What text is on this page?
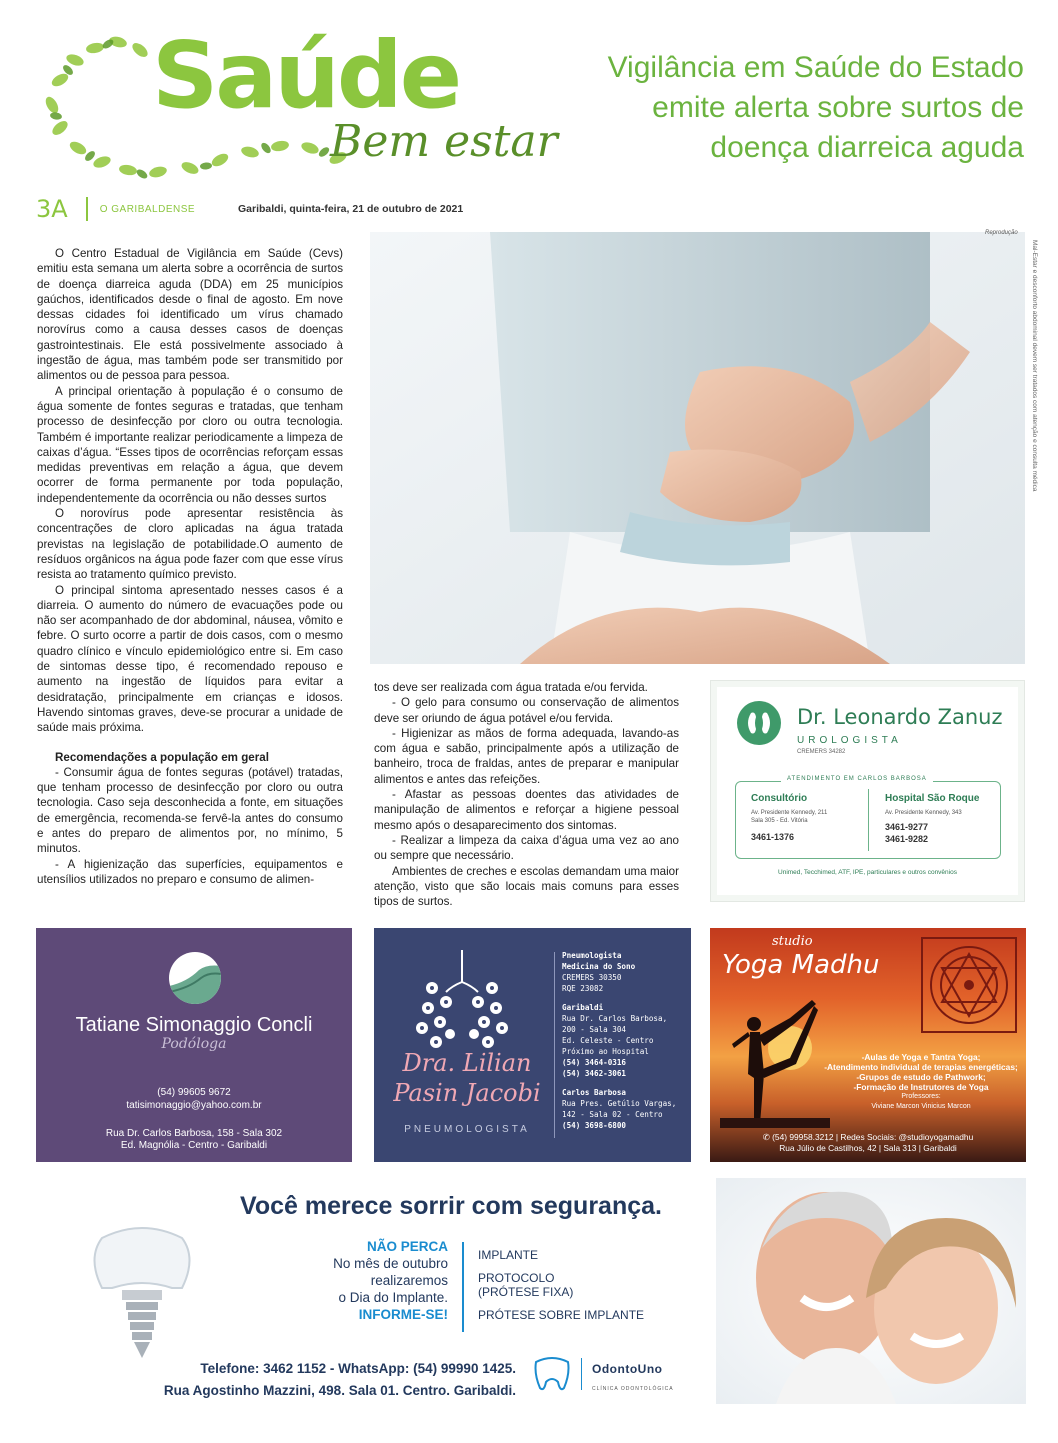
Saúde
Bem estar
Vigilância em Saúde do Estado emite alerta sobre surtos de doença diarreica aguda
3A	O GARIBALDENSE	Garibaldi, quinta-feira, 21 de outubro de 2021
Reprodução
Mal-Estar e desconforto abdominal devem ser tratados com atenção e consulta médica

O Centro Estadual de Vigilância em Saúde (Cevs) emitiu esta semana um alerta sobre a ocorrência de surtos de doença diarreica aguda (DDA) em 25 municípios gaúchos, identificados desde o final de agosto. Em nove dessas cidades foi identificado um vírus chamado norovírus como a causa desses casos de doenças gastrointestinais. Ele está possivelmente associado à ingestão de água, mas também pode ser transmitido por alimentos ou de pessoa para pessoa.

A principal orientação à população é o consumo de água somente de fontes seguras e tratadas, que tenham processo de desinfecção por cloro ou outra tecnologia. Também é importante realizar periodicamente a limpeza de caixas d’água. “Esses tipos de ocorrências reforçam essas medidas preventivas em relação a água, que devem ocorrer de forma permanente por toda população, independentemente da ocorrência ou não desses surtos

O norovírus pode apresentar resistência às concentrações de cloro aplicadas na água tratada previstas na legislação de potabilidade.O aumento de resíduos orgânicos na água pode fazer com que esse vírus resista ao tratamento químico previsto.

O principal sintoma apresentado nesses casos é a diarreia. O aumento do número de evacuações pode ou não ser acompanhado de dor abdominal, náusea, vômito e febre. O surto ocorre a partir de dois casos, com o mesmo quadro clínico e vínculo epidemiológico entre si. Em caso de sintomas desse tipo, é recomendado repouso e aumento na ingestão de líquidos para evitar a desidratação, principalmente em crianças e idosos. Havendo sintomas graves, deve-se procurar a unidade de saúde mais próxima.

Recomendações a população em geral

- Consumir água de fontes seguras (potável) tratadas, que tenham processo de desinfecção por cloro ou outra tecnologia. Caso seja desconhecida a fonte, em situações de emergência, recomenda-se fervê-la antes do consumo e antes do preparo de alimentos por, no mínimo, 5 minutos.

- A higienização das superfícies, equipamentos e utensílios utilizados no preparo e consumo de alimen-

tos deve ser realizada com água tratada e/ou fervida.

- O gelo para consumo ou conservação de alimentos deve ser oriundo de água potável e/ou fervida.

- Higienizar as mãos de forma adequada, lavando-as com água e sabão, principalmente após a utilização de banheiro, troca de fraldas, antes de preparar e manipular alimentos e antes das refeições.

- Afastar as pessoas doentes das atividades de manipulação de alimentos e reforçar a higiene pessoal mesmo após o desaparecimento dos sintomas.

- Realizar a limpeza da caixa d’água uma vez ao ano ou sempre que necessário.

Ambientes de creches e escolas demandam uma maior atenção, visto que são locais mais comuns para esses tipos de surtos.

Dr. Leonardo Zanuz
UROLOGISTA
CREMERS 34282
ATENDIMENTO EM CARLOS BARBOSA
Consultório
Av. Presidente Kennedy, 211
Sala 305 - Ed. Vitória
3461-1376
Hospital São Roque
Av. Presidente Kennedy, 343
3461-9277
3461-9282
Unimed, Tecchimed, ATF, IPE, particulares e outros convênios
Tatiane Simonaggio Concli
Podóloga
(54) 99605 9672
tatisimonaggio@yahoo.com.br
Rua Dr. Carlos Barbosa, 158 - Sala 302
Ed. Magnólia - Centro - Garibaldi
Dra. Lilian
Pasin Jacobi
PNEUMOLOGISTA
Pneumologista
Medicina do Sono
CREMERS 30350
RQE 23082
Garibaldi
Rua Dr. Carlos Barbosa,
200 - Sala 304
Ed. Celeste - Centro
Próximo ao Hospital
(54) 3464-0316
(54) 3462-3061
Carlos Barbosa
Rua Pres. Getúlio Vargas,
142 - Sala 02 - Centro
(54) 3698-6800
studio
Yoga Madhu
-Aulas de Yoga e Tantra Yoga;
-Atendimento individual de terapias energéticas;
-Grupos de estudo de Pathwork;
-Formação de Instrutores de Yoga
Professores:
Viviane Marcon Vinicius Marcon
✆ (54) 99958.3212 | Redes Sociais: @studioyogamadhu
Rua Júlio de Castilhos, 42 | Sala 313 | Garibaldi
Você merece sorrir com segurança.
NÃO PERCA
No mês de outubro
realizaremos
o Dia do Implante.
INFORME-SE!
IMPLANTE
PROTOCOLO
(PRÓTESE FIXA)
PRÓTESE SOBRE IMPLANTE
Telefone: 3462 1152 - WhatsApp: (54) 99990 1425.
Rua Agostinho Mazzini, 498. Sala 01. Centro. Garibaldi.
OdontoUno
CLÍNICA ODONTOLÓGICA
